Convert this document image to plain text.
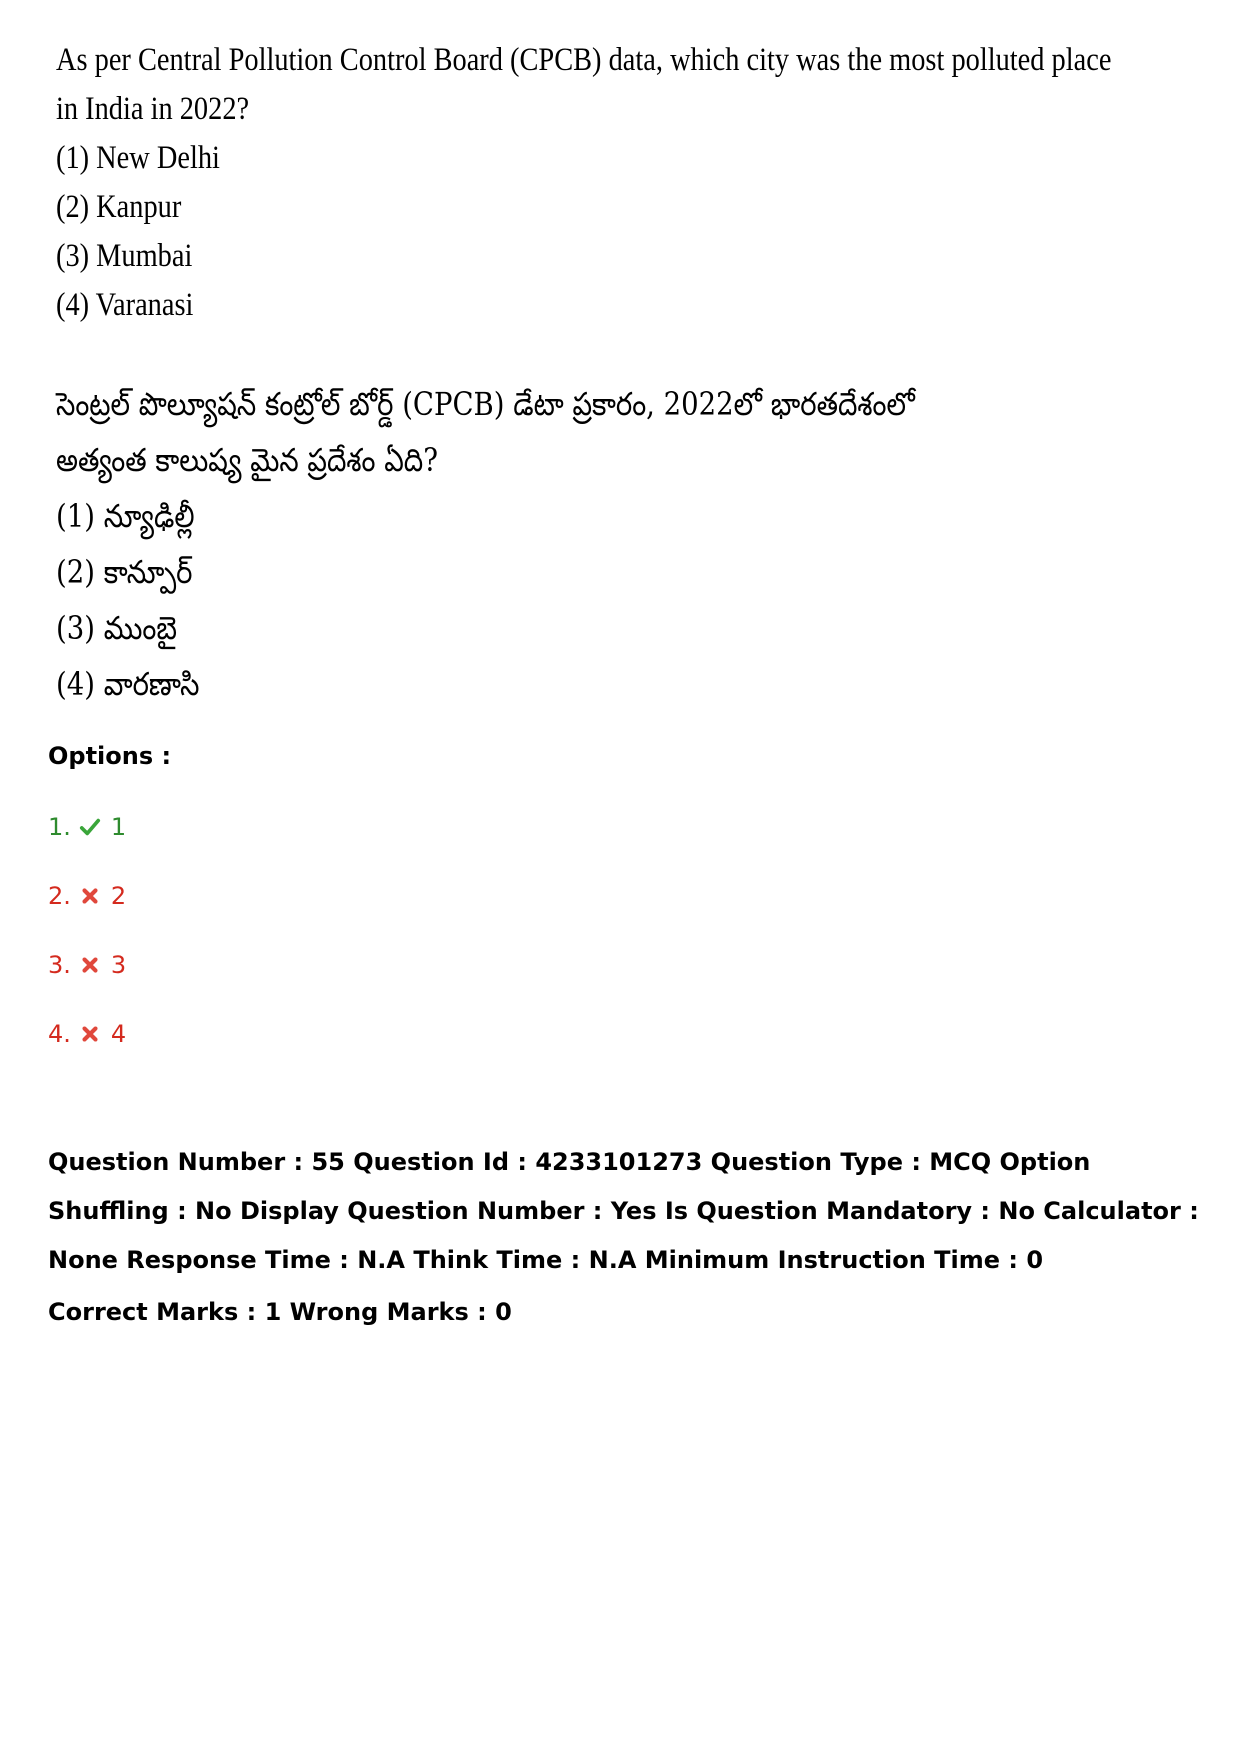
As per Central Pollution Control Board (CPCB) data, which city was the most polluted place
in India in 2022?
(1) New Delhi
(2) Kanpur
(3) Mumbai
(4) Varanasi
సెంట్రల్ పొల్యూషన్ కంట్రోల్ బోర్డ్ (CPCB) డేటా ప్రకారం, 2022లో భారతదేశంలో
అత్యంత కాలుష్య మైన ప్రదేశం ఏది?
(1) న్యూఢిల్లీ
(2) కాన్పూర్
(3) ముంబై
(4) వారణాసి

Options :

1. 1
2. 2
3. 3
4. 4
Question Number : 55 Question Id : 4233101273 Question Type : MCQ Option Shuffling : No Display Question Number : Yes Is Question Mandatory : No Calculator : None Response Time : N.A Think Time : N.A Minimum Instruction Time : 0
Correct Marks : 1 Wrong Marks : 0
